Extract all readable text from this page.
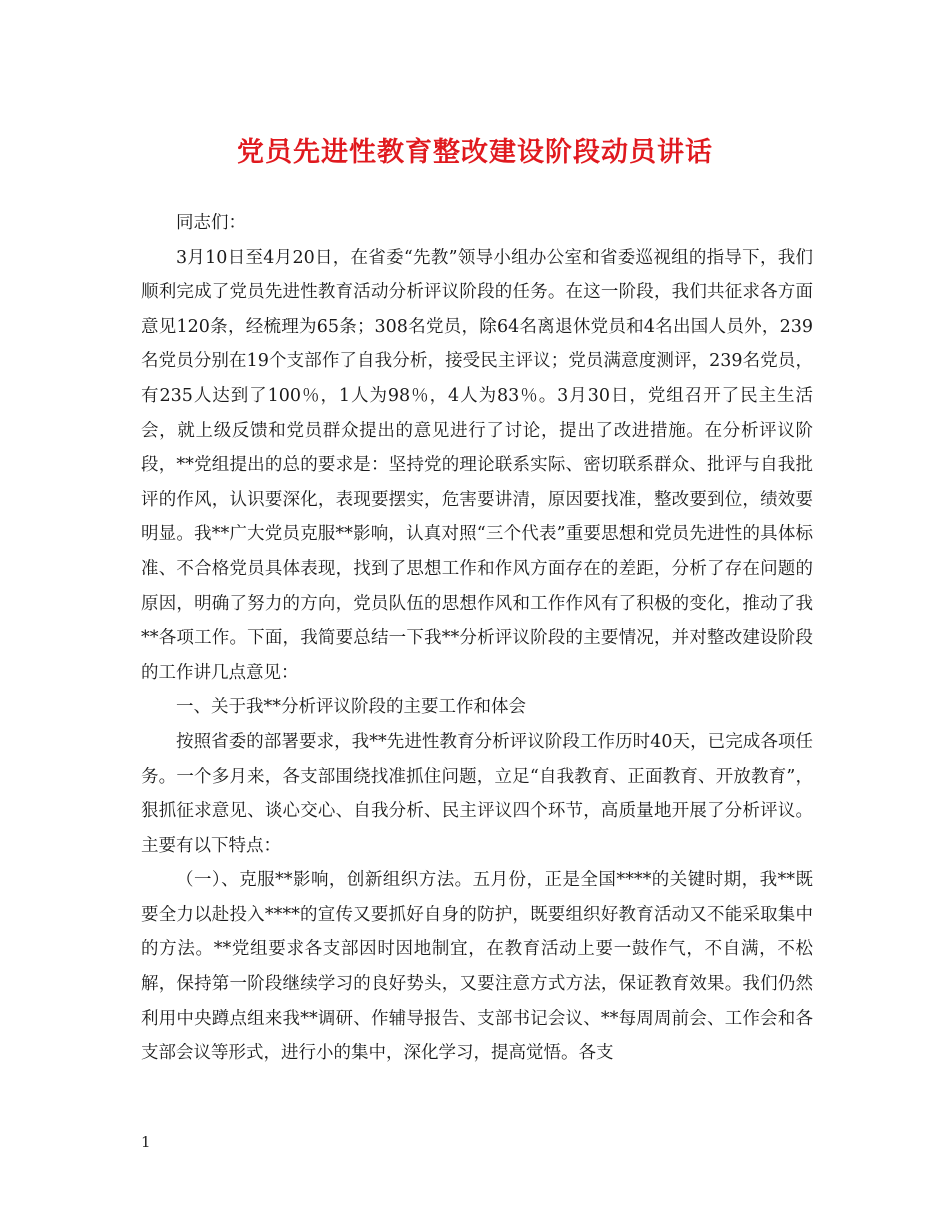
党员先进性教育整改建设阶段动员讲话

同志们：

3月10日至4月20日，在省委“先教”领导小组办公室和省委巡视组的指导下，我们顺利完成了党员先进性教育活动分析评议阶段的任务。在这一阶段，我们共征求各方面意见120条，经梳理为65条；308名党员，除64名离退休党员和4名出国人员外，239名党员分别在19个支部作了自我分析，接受民主评议；党员满意度测评，239名党员，有235人达到了100％，1人为98％，4人为83％。3月30日，党组召开了民主生活会，就上级反馈和党员群众提出的意见进行了讨论，提出了改进措施。在分析评议阶段，**党组提出的总的要求是：坚持党的理论联系实际、密切联系群众、批评与自我批评的作风，认识要深化，表现要摆实，危害要讲清，原因要找准，整改要到位，绩效要明显。我**广大党员克服**影响，认真对照“三个代表”重要思想和党员先进性的具体标准、不合格党员具体表现，找到了思想工作和作风方面存在的差距，分析了存在问题的原因，明确了努力的方向，党员队伍的思想作风和工作作风有了积极的变化，推动了我**各项工作。下面，我简要总结一下我**分析评议阶段的主要情况，并对整改建设阶段的工作讲几点意见：

一、关于我**分析评议阶段的主要工作和体会

按照省委的部署要求，我**先进性教育分析评议阶段工作历时40天，已完成各项任务。一个多月来，各支部围绕找准抓住问题，立足“自我教育、正面教育、开放教育”，狠抓征求意见、谈心交心、自我分析、民主评议四个环节，高质量地开展了分析评议。主要有以下特点：

（一）、克服**影响，创新组织方法。五月份，正是全国****的关键时期，我**既要全力以赴投入****的宣传又要抓好自身的防护，既要组织好教育活动又不能采取集中的方法。**党组要求各支部因时因地制宜，在教育活动上要一鼓作气，不自满，不松解，保持第一阶段继续学习的良好势头，又要注意方式方法，保证教育效果。我们仍然利用中央蹲点组来我**调研、作辅导报告、支部书记会议、**每周周前会、工作会和各支部会议等形式，进行小的集中，深化学习，提高觉悟。各支

1
